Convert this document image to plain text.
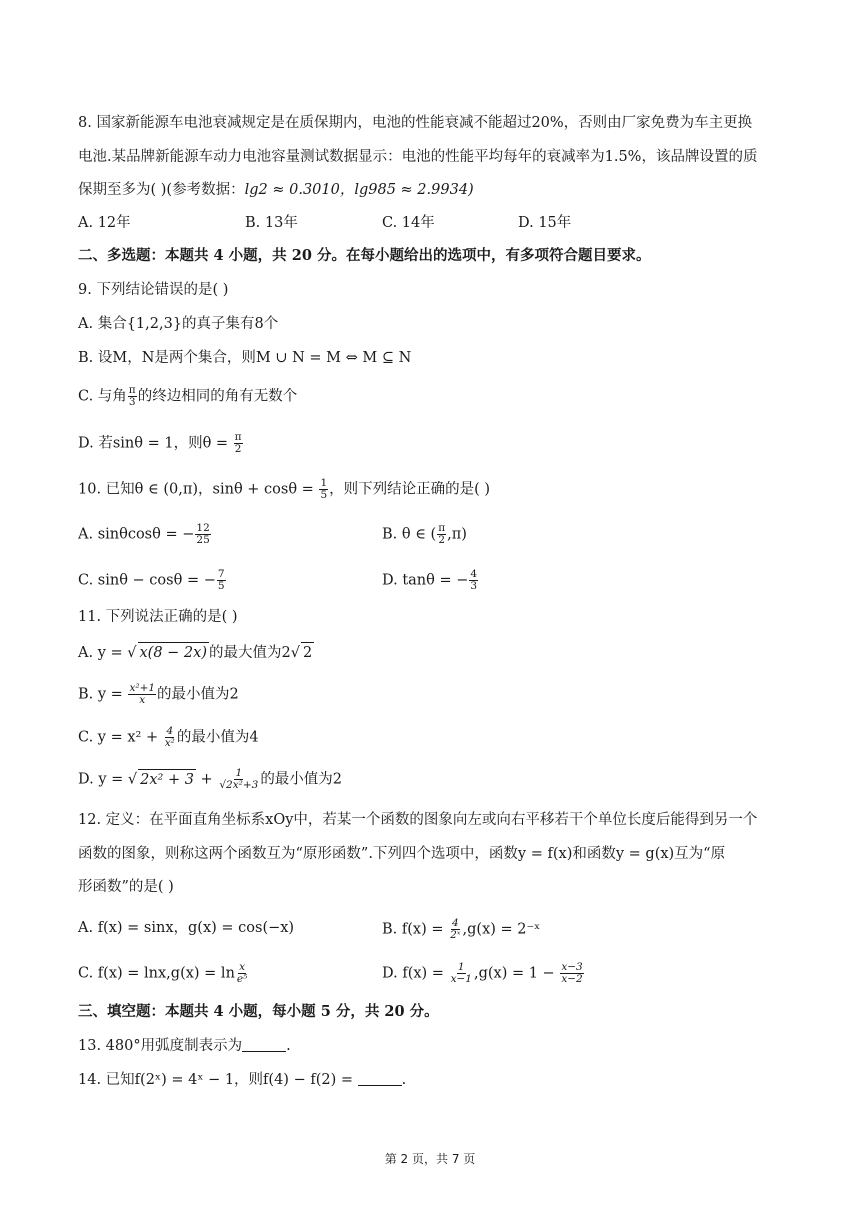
8. 国家新能源车电池衰减规定是在质保期内，电池的性能衰减不能超过20%，否则由厂家免费为车主更换
电池.某品牌新能源车动力电池容量测试数据显示：电池的性能平均每年的衰减率为1.5%，该品牌设置的质
保期至多为( )(参考数据：lg2 ≈ 0.3010，lg985 ≈ 2.9934)
A. 12年	B. 13年	C. 14年	D. 15年
二、多选题：本题共 4 小题，共 20 分。在每小题给出的选项中，有多项符合题目要求。
9. 下列结论错误的是( )
A. 集合{1,2,3}的真子集有8个
B. 设M，N是两个集合，则M ∪ N = M ⇔ M ⊆ N
C. 与角 $\frac{\pi}{3}$ 的终边相同的角有无数个
D. 若sinθ = 1，则$\theta = \frac{\pi}{2}$
10. 已知θ ∈ (0,π)，$\sin\theta + \cos\theta = \frac{1}{5}$ ，则下列结论正确的是( )
A. sinθcosθ = − $\frac{12}{25}$	B. θ ∈ ( $\frac{\pi}{2} ,\pi$)
C. sinθ − cosθ = − $\frac{7}{5}$	D. tanθ = − $\frac{4}{3}$
11. 下列说法正确的是( )
A. y = √ x(8 − 2x) 的最大值为2√ 2
B. $y = \frac{\text{x²+1}}{x}$ 的最小值为2
C. $y = x^2 + \frac{4}{\text{x²}}$ 的最小值为4
D. y = √ $2x^2 + 3 + \frac{1}{\text{√2x²+3}}$ 的最小值为2
12. 定义：在平面直角坐标系xOy中，若某一个函数的图象向左或向右平移若干个单位长度后能得到另一个
函数的图象，则称这两个函数互为“原形函数”.下列四个选项中，函数y = f(x)和函数y = g(x)互为“原
形函数”的是( )
A. f(x) = sinx，g(x) = cos(−x)	B. $f(x) = \frac{4}{\text{2ˣ}} ,g(x)$ = 2⁻ˣ
C. $f(x) = \ln x,g(x) = \ln \frac{x}{\text{e⁵}}$	D. $f(x) = \frac{1}{x-1} ,g(x) = 1 - \frac{x-3}{x-2}$
三、填空题：本题共 4 小题，每小题 5 分，共 20 分。
13. 480°用弧度制表示为	.
14. 已知f(2ˣ) = 4ˣ − 1，则f(4) − f(2) =	.
第 2 页，共 7 页
